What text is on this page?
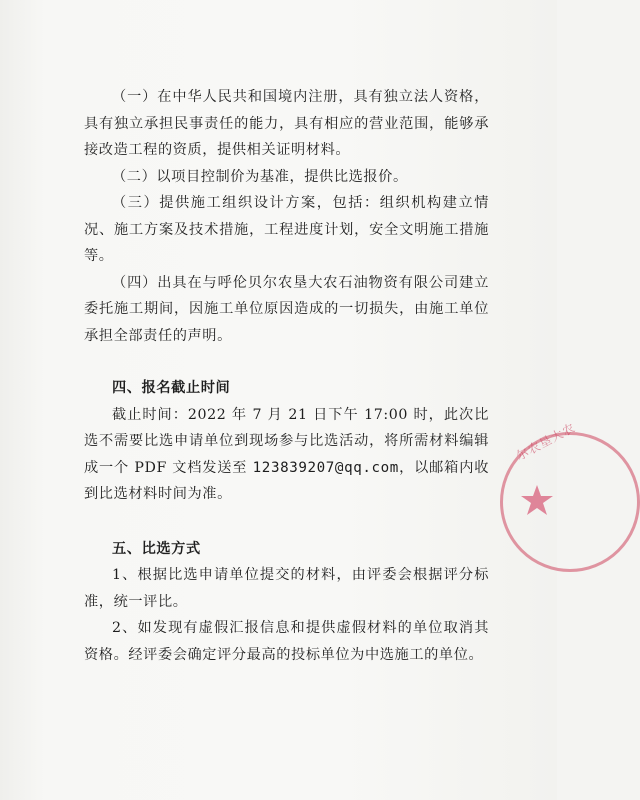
（一）在中华人民共和国境内注册，具有独立法人资格，具有独立承担民事责任的能力，具有相应的营业范围，能够承接改造工程的资质，提供相关证明材料。

（二）以项目控制价为基准，提供比选报价。

（三）提供施工组织设计方案，包括：组织机构建立情况、施工方案及技术措施，工程进度计划，安全文明施工措施等。

（四）出具在与呼伦贝尔农垦大农石油物资有限公司建立委托施工期间，因施工单位原因造成的一切损失，由施工单位承担全部责任的声明。

四、报名截止时间

截止时间：2022 年 7 月 21 日下午 17:00 时，此次比选不需要比选申请单位到现场参与比选活动，将所需材料编辑成一个 PDF 文档发送至 123839207@qq.com，以邮箱内收到比选材料时间为准。

五、比选方式

1、根据比选申请单位提交的材料，由评委会根据评分标准，统一评比。

2、如发现有虚假汇报信息和提供虚假材料的单位取消其资格。经评委会确定评分最高的投标单位为中选施工的单位。

尔农垦大农
